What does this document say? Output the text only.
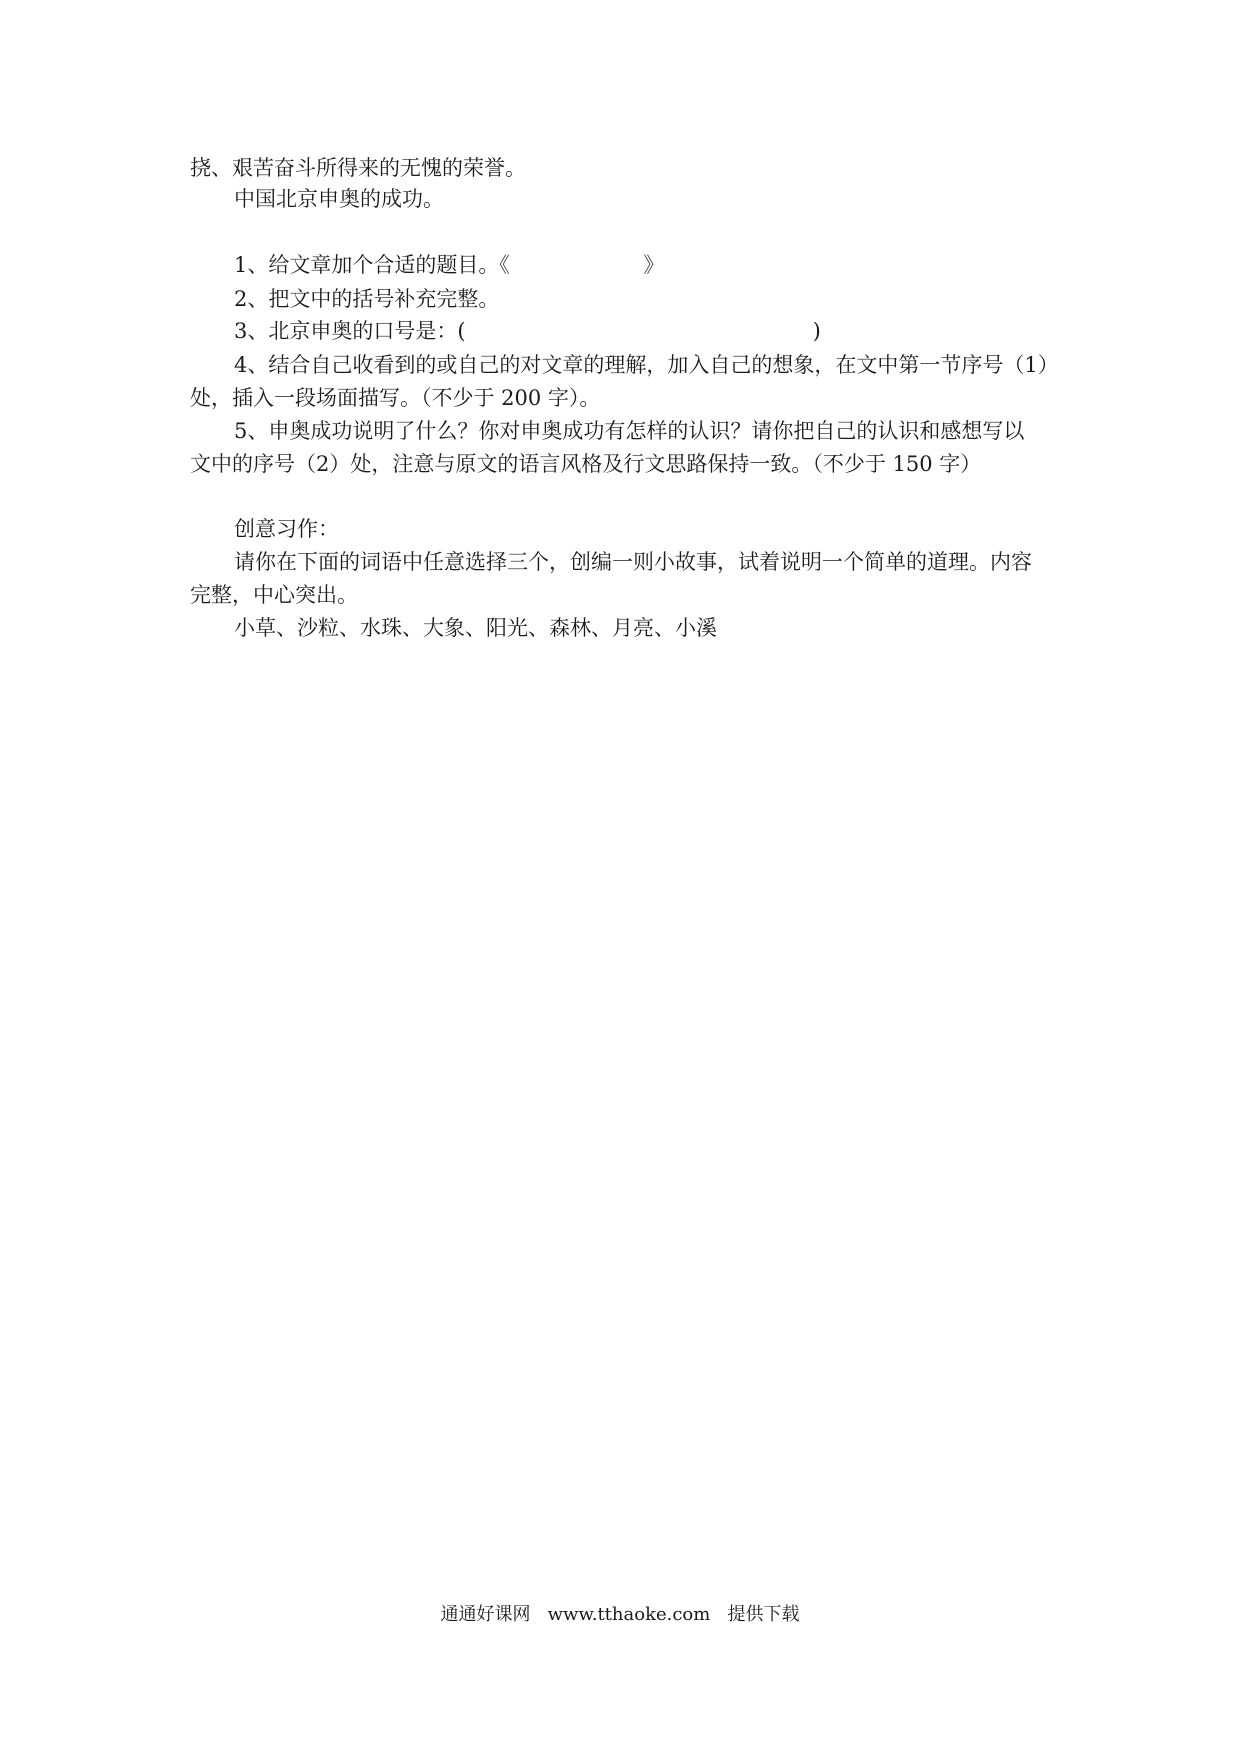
挠、艰苦奋斗所得来的无愧的荣誉。
中国北京申奥的成功。
1、给文章加个合适的题目。《                    》
2、把文中的括号补充完整。
3、北京申奥的口号是：(                                                    )
4、结合自己收看到的或自己的对文章的理解，加入自己的想象，在文中第一节序号（1）
处，插入一段场面描写。（不少于 200 字）。
5、申奥成功说明了什么？你对申奥成功有怎样的认识？请你把自己的认识和感想写以
文中的序号（2）处，注意与原文的语言风格及行文思路保持一致。（不少于 150 字）
创意习作：
请你在下面的词语中任意选择三个，创编一则小故事，试着说明一个简单的道理。内容
完整，中心突出。
小草、沙粒、水珠、大象、阳光、森林、月亮、小溪
通通好课网   www.tthaoke.com   提供下载
